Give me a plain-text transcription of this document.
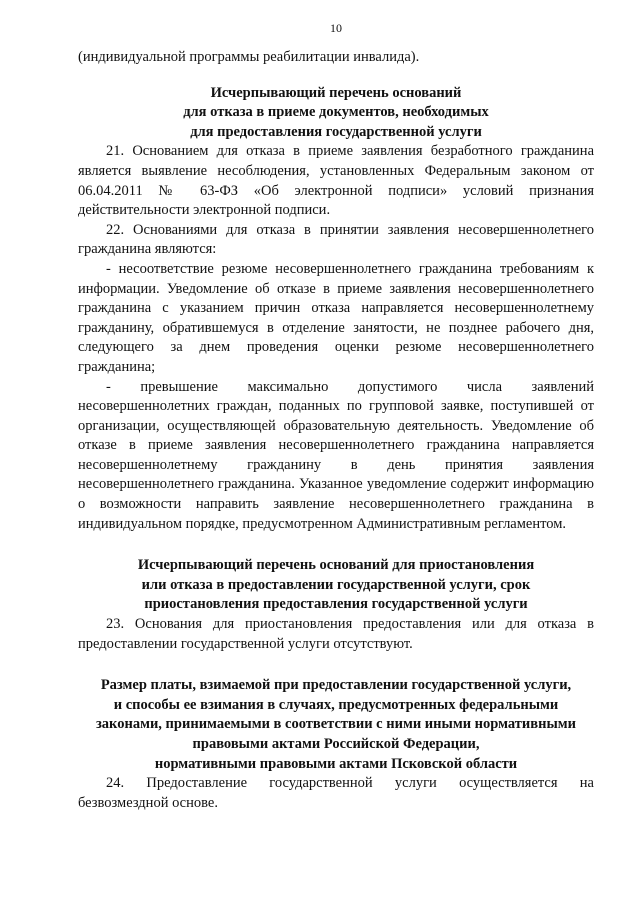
10

(индивидуальной программы реабилитации инвалида).

Исчерпывающий перечень оснований

для отказа в приеме документов, необходимых

для предоставления государственной услуги

21. Основанием для отказа в приеме заявления безработного гражданина является выявление несоблюдения, установленных Федеральным законом от 06.04.2011 № 63-ФЗ «Об электронной подписи» условий признания действительности электронной подписи.

22. Основаниями для отказа в принятии заявления несовершеннолетнего гражданина являются:

- несоответствие резюме несовершеннолетнего гражданина требованиям к информации. Уведомление об отказе в приеме заявления несовершеннолетнего гражданина с указанием причин отказа направляется несовершеннолетнему гражданину, обратившемуся в отделение занятости, не позднее рабочего дня, следующего за днем проведения оценки резюме несовершеннолетнего гражданина;

- превышение максимально допустимого числа заявлений несовершеннолетних граждан, поданных по групповой заявке, поступившей от организации, осуществляющей образовательную деятельность. Уведомление об отказе в приеме заявления несовершеннолетнего гражданина направляется несовершеннолетнему гражданину в день принятия заявления несовершеннолетнего гражданина. Указанное уведомление содержит информацию о возможности направить заявление несовершеннолетнего гражданина в индивидуальном порядке, предусмотренном Административным регламентом.

Исчерпывающий перечень оснований для приостановления

или отказа в предоставлении государственной услуги, срок

приостановления предоставления государственной услуги

23. Основания для приостановления предоставления или для отказа в предоставлении государственной услуги отсутствуют.

Размер платы, взимаемой при предоставлении государственной услуги,

и способы ее взимания в случаях, предусмотренных федеральными

законами, принимаемыми в соответствии с ними иными нормативными

правовыми актами Российской Федерации,

нормативными правовыми актами Псковской области

24. Предоставление государственной услуги осуществляется на безвозмездной основе.
